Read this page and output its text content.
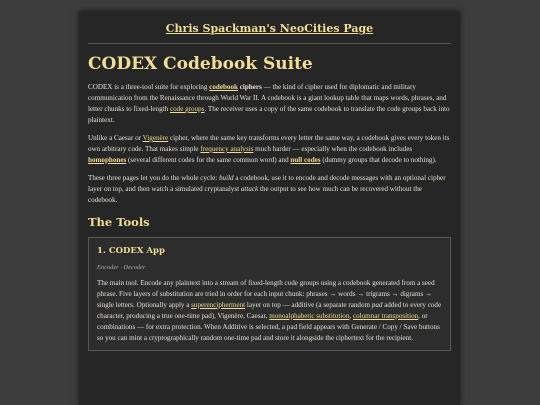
Chris Spackman's NeoCities Page
CODEX Codebook Suite

CODEX is a three-tool suite for exploring codebook ciphers — the kind of cipher used for diplomatic and military communication from the Renaissance through World War II. A codebook is a giant lookup table that maps words, phrases, and letter chunks to fixed-length code groups. The receiver uses a copy of the same codebook to translate the code groups back into plaintext.

Unlike a Caesar or Vigenère cipher, where the same key transforms every letter the same way, a codebook gives every token its own arbitrary code. That makes simple frequency analysis much harder — especially when the codebook includes homophones (several different codes for the same common word) and null codes (dummy groups that decode to nothing).

These three pages let you do the whole cycle: build a codebook, use it to encode and decode messages with an optional cipher layer on top, and then watch a simulated cryptanalyst attack the output to see how much can be recovered without the codebook.

The Tools
1. CODEX App
Encoder · Decoder

The main tool. Encode any plaintext into a stream of fixed-length code groups using a codebook generated from a seed phrase. Five layers of substitution are tried in order for each input chunk: phrases → words → trigrams → digrams → single letters. Optionally apply a superencipherment layer on top — additive (a separate random pad added to every code character, producing a true one-time pad), Vigenère, Caesar, monoalphabetic substitution, columnar transposition, or combinations — for extra protection. When Additive is selected, a pad field appears with Generate / Copy / Save buttons so you can mint a cryptographically random one-time pad and store it alongside the ciphertext for the recipient.
